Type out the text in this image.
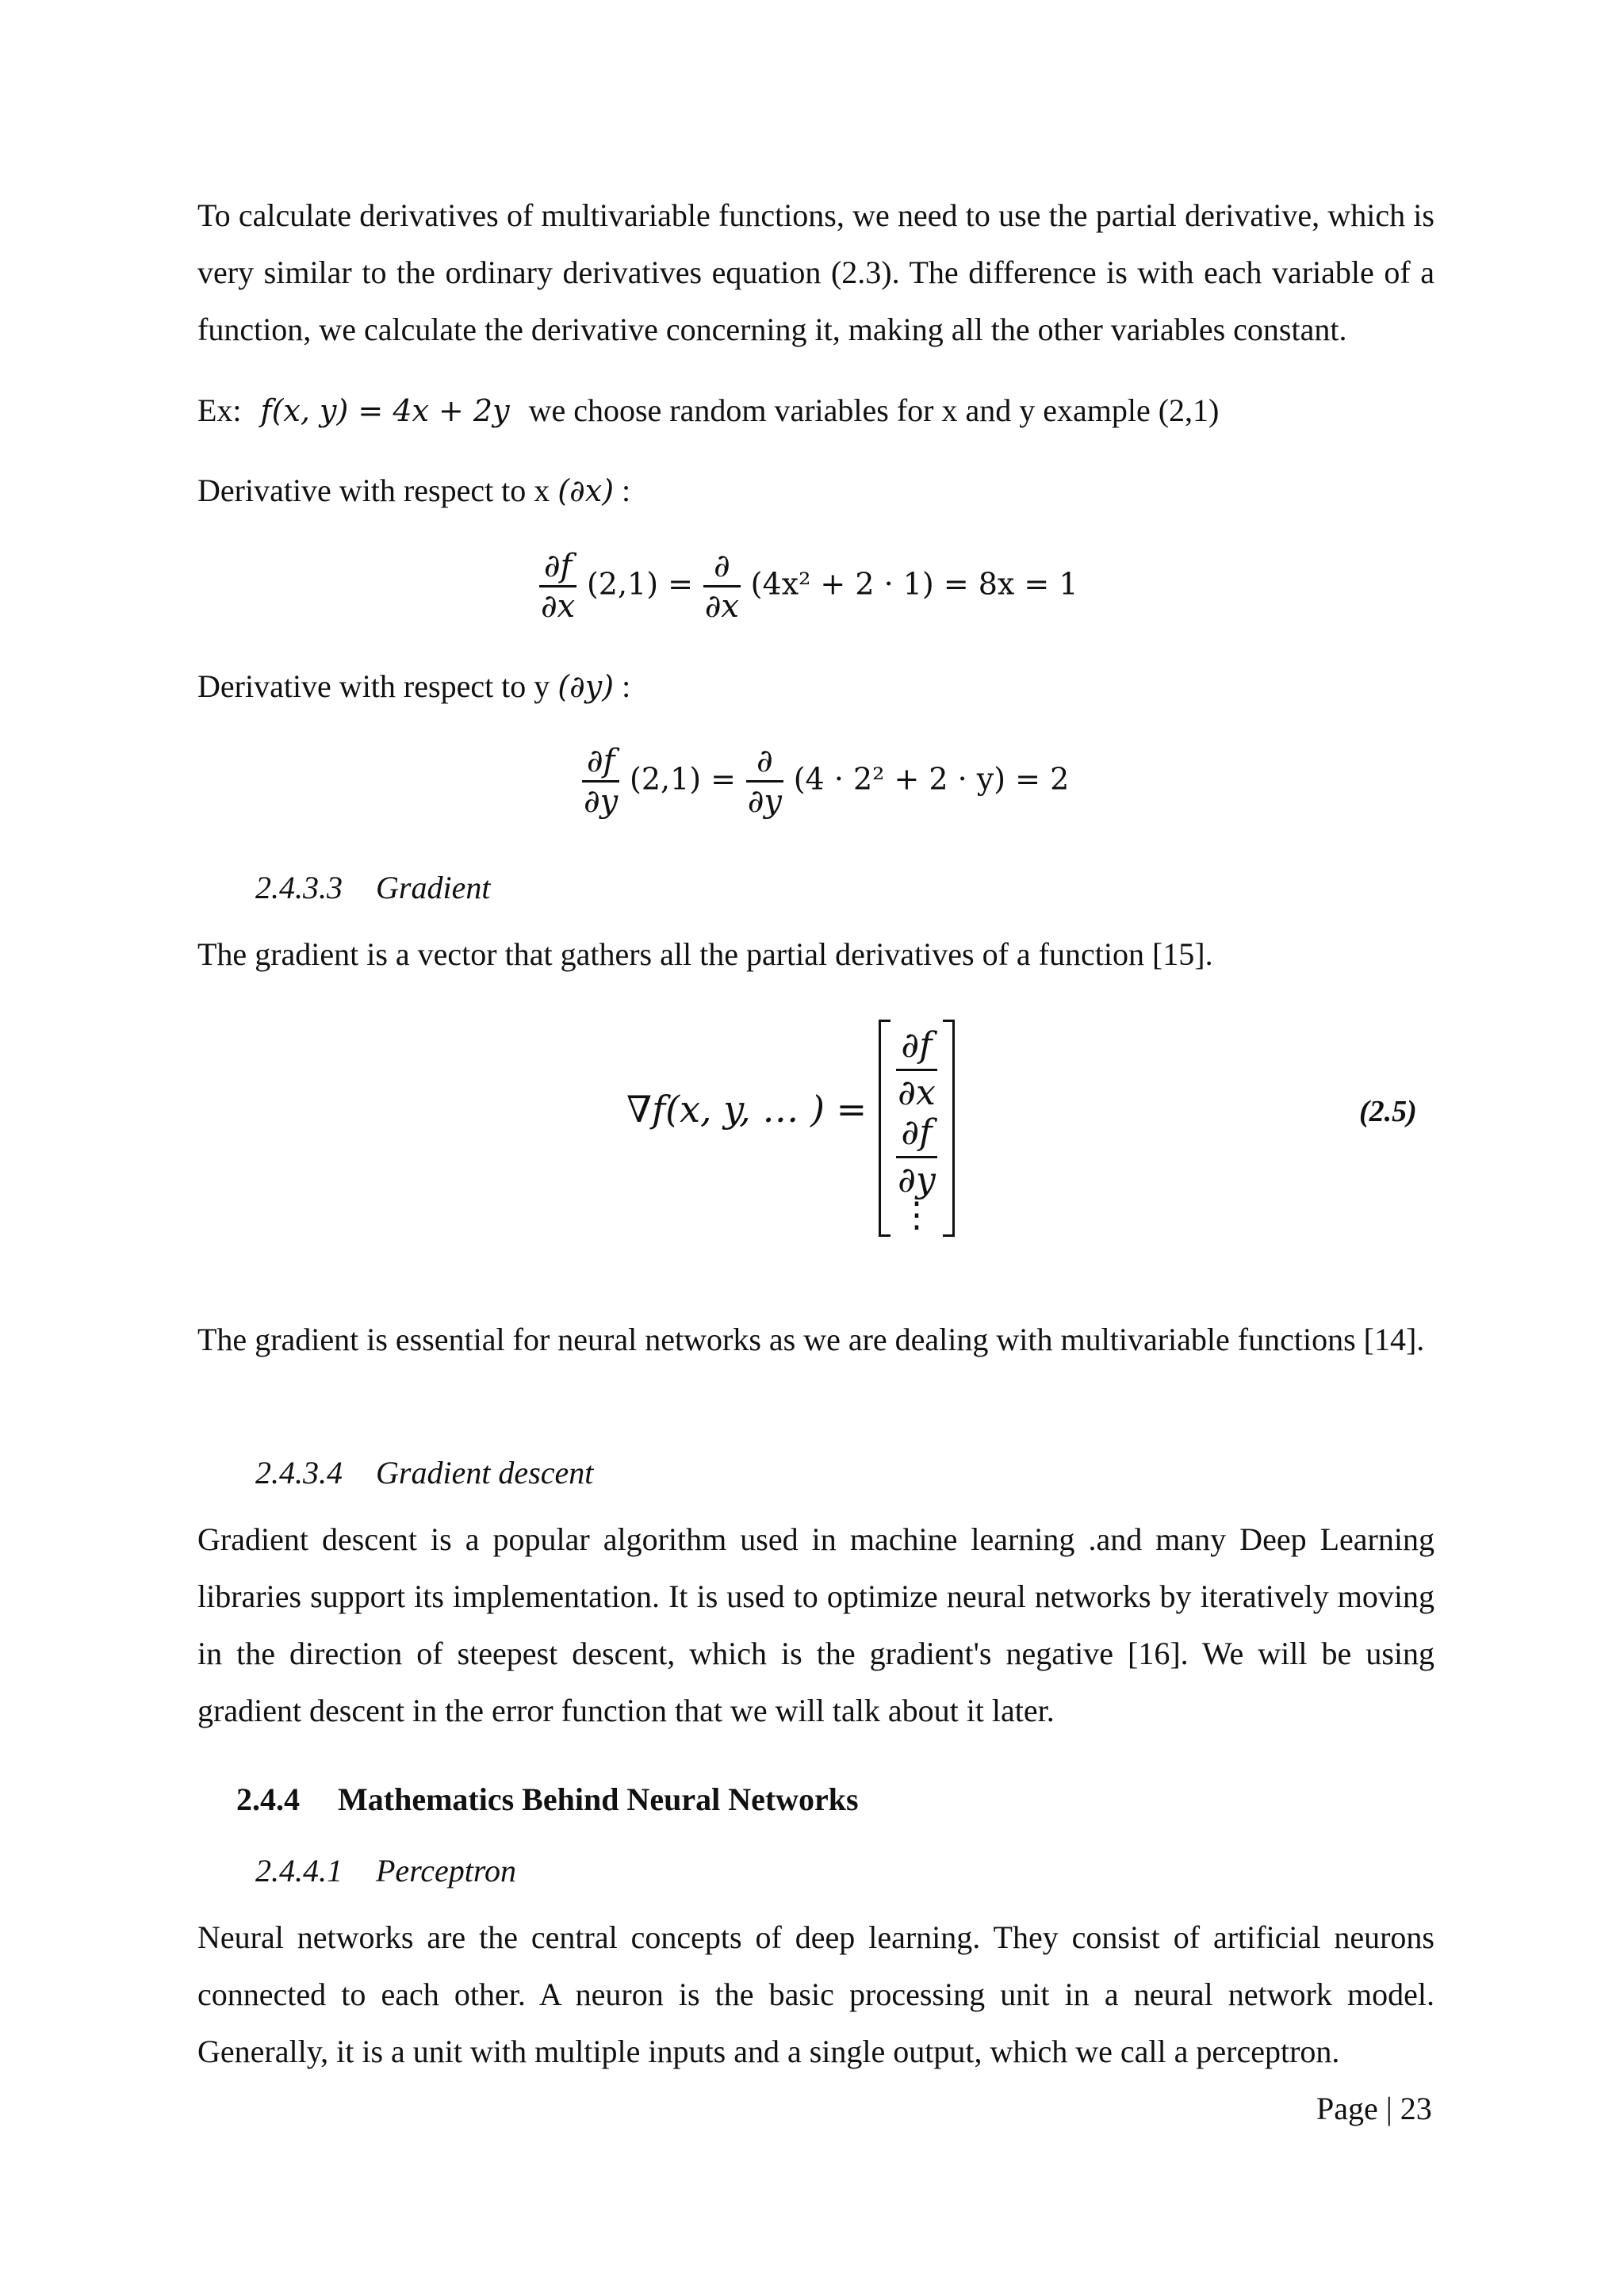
To calculate derivatives of multivariable functions, we need to use the partial derivative, which is very similar to the ordinary derivatives equation (2.3). The difference is with each variable of a function, we calculate the derivative concerning it, making all the other variables constant.
Ex: f(x, y) = 4x + 2y we choose random variables for x and y example (2,1)
Derivative with respect to x (∂x) :
$\frac{\partial f}{\partial x} (2,1) = \frac{\partial}{\partial x} (4x^2 + 2 \cdot 1) = 8x = 1$
Derivative with respect to y (∂y) :
$\frac{\partial f}{\partial y} (2,1) = \frac{\partial}{\partial y} (4 \cdot 2^2 + 2 \cdot y) = 2$
2.4.3.3 Gradient
The gradient is a vector that gathers all the partial derivatives of a function [15].
∇f(x, y, … ) =
∂f
∂x
∂f
∂y
⋮
(2.5)
The gradient is essential for neural networks as we are dealing with multivariable functions [14].
2.4.3.4 Gradient descent
Gradient descent is a popular algorithm used in machine learning .and many Deep Learning libraries support its implementation. It is used to optimize neural networks by iteratively moving in the direction of steepest descent, which is the gradient's negative [16]. We will be using gradient descent in the error function that we will talk about it later.
2.4.4 Mathematics Behind Neural Networks
2.4.4.1 Perceptron
Neural networks are the central concepts of deep learning. They consist of artificial neurons connected to each other. A neuron is the basic processing unit in a neural network model. Generally, it is a unit with multiple inputs and a single output, which we call a perceptron.
Page | 23
